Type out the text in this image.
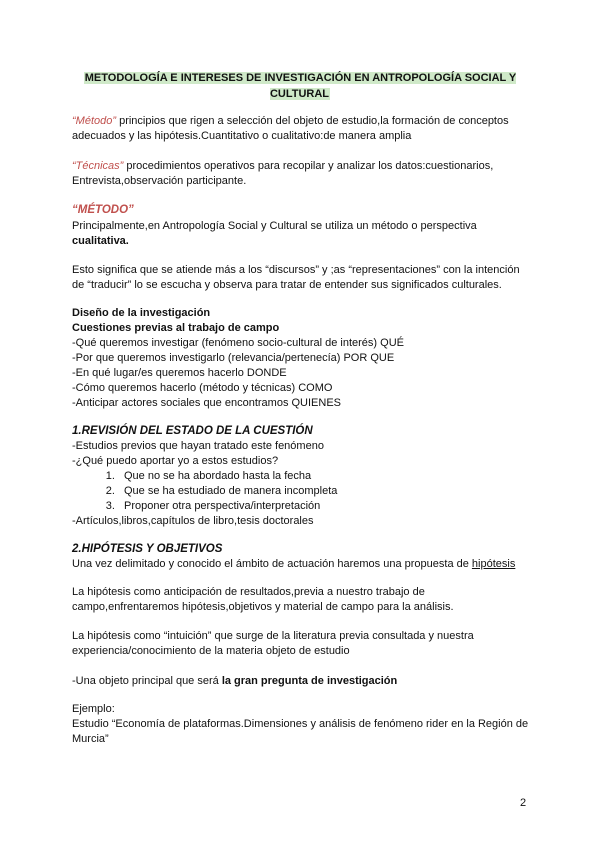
METODOLOGÍA E INTERESES DE INVESTIGACIÓN EN ANTROPOLOGÍA SOCIAL Y CULTURAL
“Método” principios que rigen a selección del objeto de estudio,la formación de conceptos adecuados y las hipótesis.Cuantitativo o cualitativo:de manera amplia
“Técnicas” procedimientos operativos para recopilar y analizar los datos:cuestionarios, Entrevista,observación participante.
“MÉTODO”
Principalmente,en Antropología Social y Cultural se utiliza un método o perspectiva cualitativa.
Esto significa que se atiende más a los “discursos” y ;as “representaciones” con la intención de “traducir” lo se escucha y observa para tratar de entender sus significados culturales.
Diseño de la investigación
Cuestiones previas al trabajo de campo
-Qué queremos investigar (fenómeno socio-cultural de interés) QUÉ
-Por que queremos investigarlo (relevancia/pertenecía) POR QUE
-En qué lugar/es queremos hacerlo DONDE
-Cómo queremos hacerlo (método y técnicas) COMO
-Anticipar actores sociales que encontramos QUIENES
1.REVISIÓN DEL ESTADO DE LA CUESTIÓN
-Estudios previos que hayan tratado este fenómeno
-¿Qué puedo aportar yo a estos estudios?
1. Que no se ha abordado hasta la fecha
2. Que se ha estudiado de manera incompleta
3. Proponer otra perspectiva/interpretación
-Artículos,libros,capítulos de libro,tesis doctorales
2.HIPÓTESIS Y OBJETIVOS
Una vez delimitado y conocido el ámbito de actuación haremos una propuesta de hipótesis
La hipótesis como anticipación de resultados,previa a nuestro trabajo de campo,enfrentaremos hipótesis,objetivos y material de campo para la análisis.
La hipótesis como “intuición” que surge de la literatura previa consultada y nuestra experiencia/conocimiento de la materia objeto de estudio
-Una objeto principal que será la gran pregunta de investigación
Ejemplo:
Estudio “Economía de plataformas.Dimensiones y análisis de fenómeno rider en la Región de Murcia”
2
